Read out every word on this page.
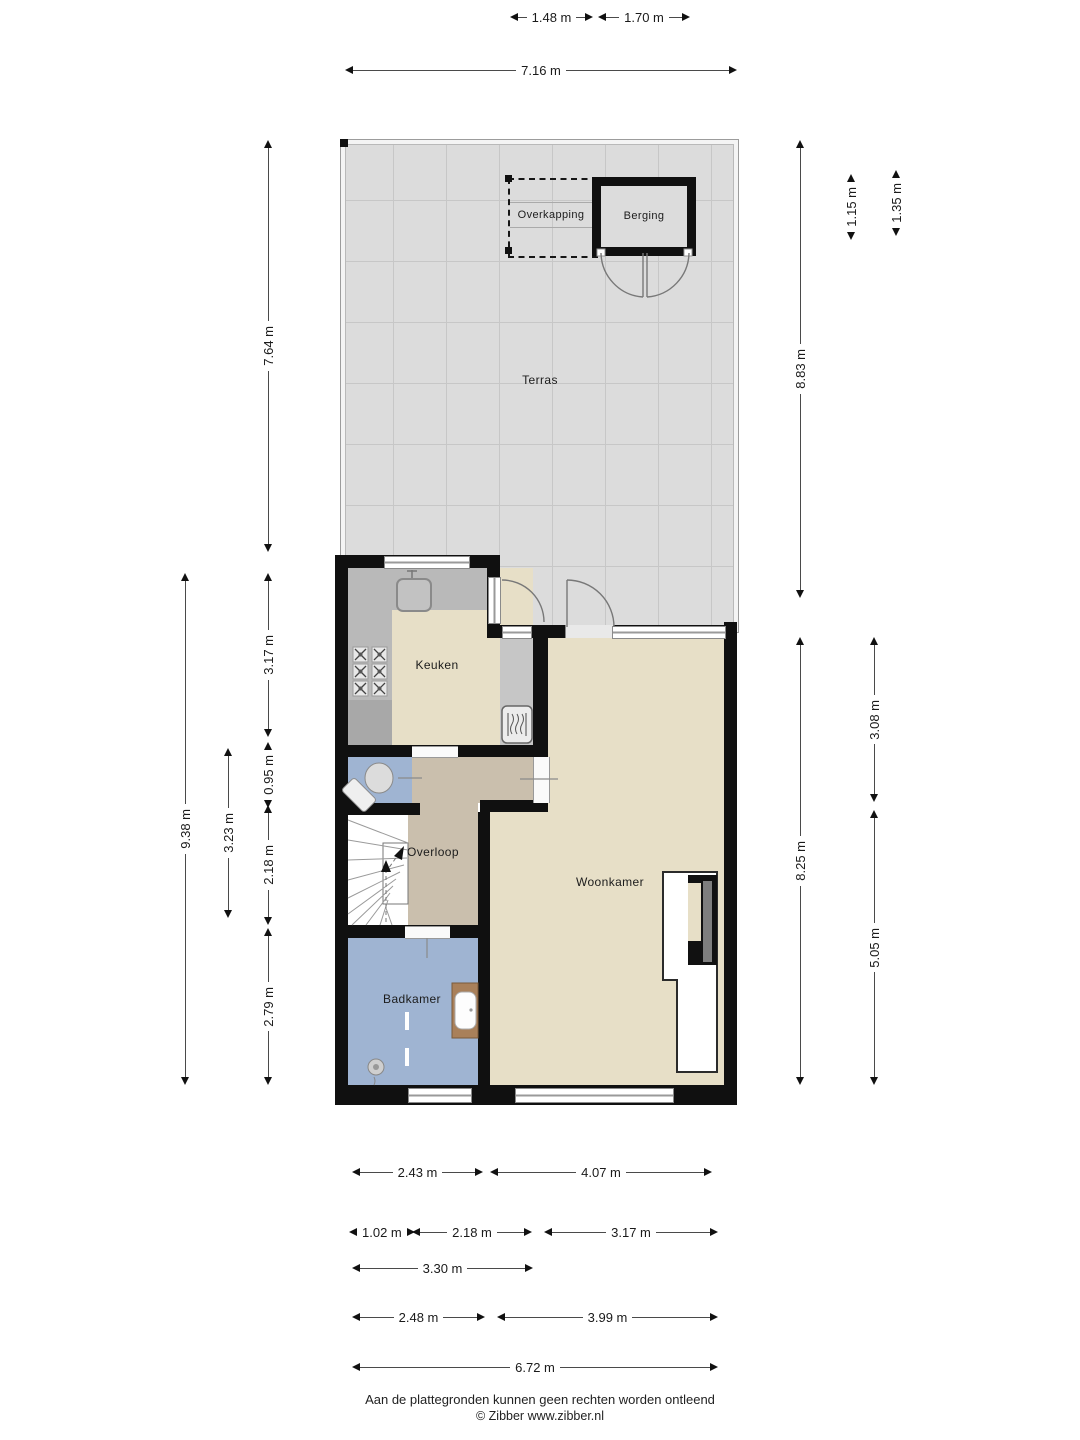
Terras
Overkapping	Berging
Keuken
Overloop
Woonkamer
Badkamer
1.48 m	1.70 m
7.16 m
7.64 m
9.38 m 3.23 m
3.17 m
0.95 m
2.18 m
2.79 m
8.83 m
1.15 m 1.35 m
8.25 m
3.08 m
5.05 m
2.43 m	4.07 m
1.02 m	2.18 m	3.17 m
3.30 m
2.48 m	3.99 m
6.72 m
Aan de plattegronden kunnen geen rechten worden ontleend
© Zibber www.zibber.nl
